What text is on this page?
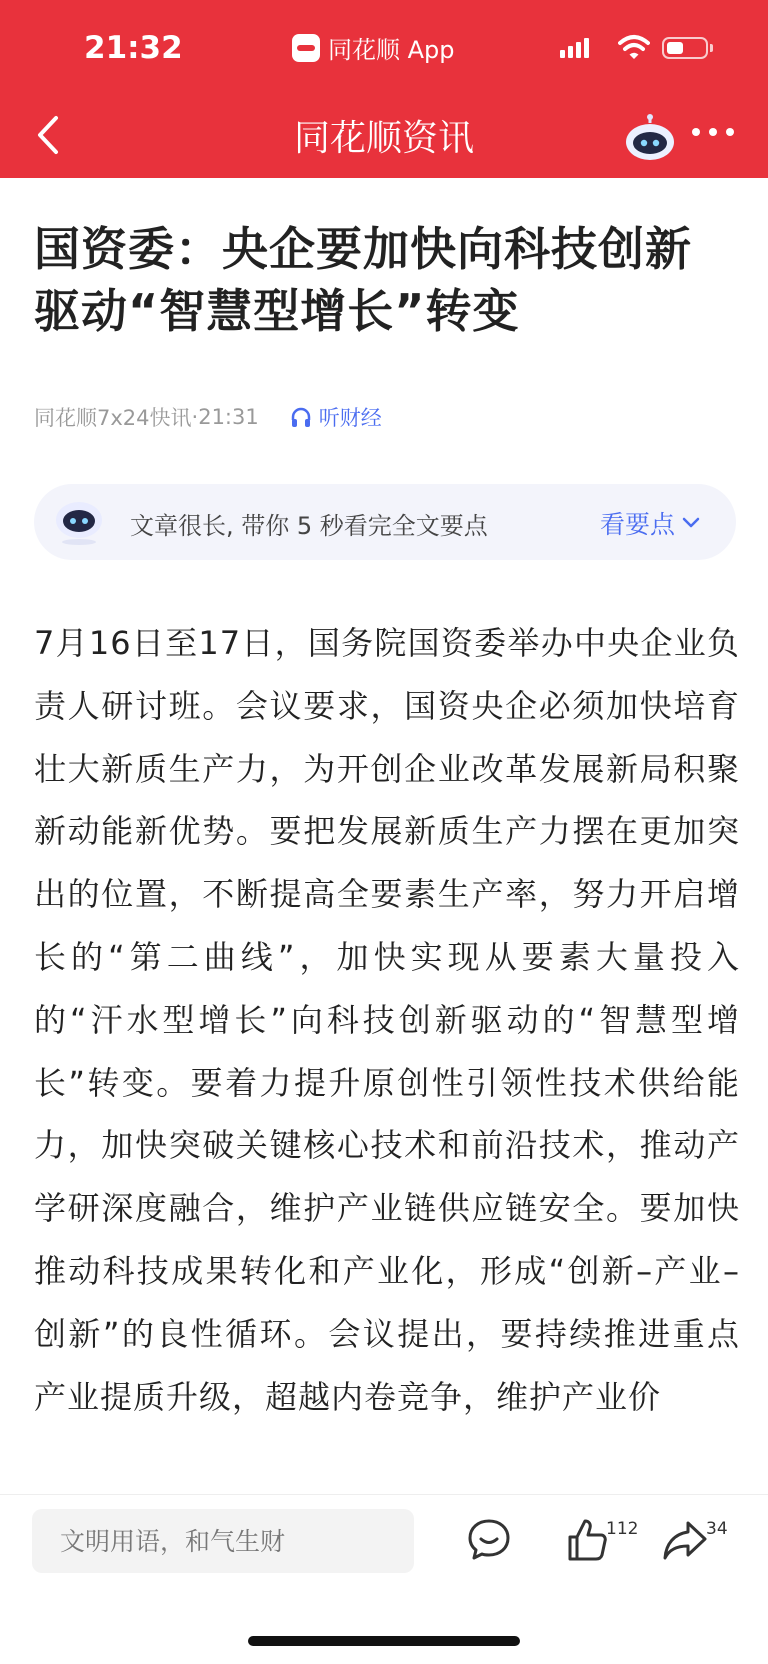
21:32	同花顺 App
同花顺资讯
国资委：央企要加快向科技创新驱动“智慧型增长”转变
同花顺7x24快讯 · 21:31	听财经
文章很长, 带你 5 秒看完全文要点	看要点

7月16日至17日，国务院国资委举办中央企业负责人研讨班。会议要求，国资央企必须加快培育壮大新质生产力，为开创企业改革发展新局积聚新动能新优势。要把发展新质生产力摆在更加突出的位置，不断提高全要素生产率，努力开启增长的“第二曲线”，加快实现从要素大量投入的“汗水型增长”向科技创新驱动的“智慧型增长”转变。要着力提升原创性引领性技术供给能力，加快突破关键核心技术和前沿技术，推动产学研深度融合，维护产业链供应链安全。要加快推动科技成果转化和产业化，形成“创新–产业–创新”的良性循环。会议提出，要持续推进重点产业提质升级，超越内卷竞争，维护产业价

文明用语，和气生财
112	34
